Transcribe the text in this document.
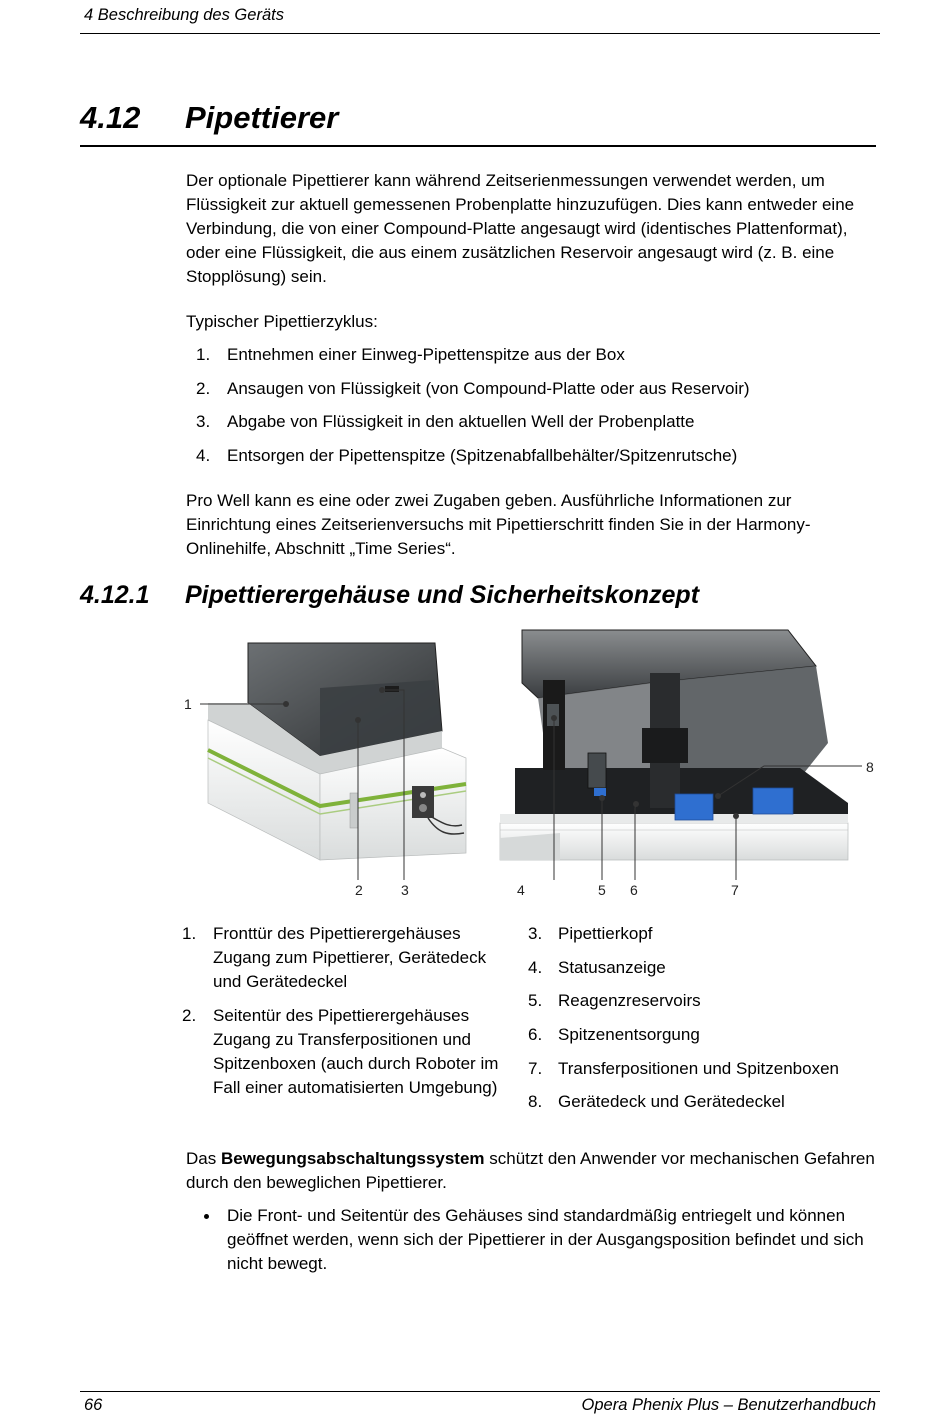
4 Beschreibung des Geräts
4.12 Pipettierer

Der optionale Pipettierer kann während Zeitserienmessungen verwendet werden, um Flüssigkeit zur aktuell gemessenen Probenplatte hinzuzufügen. Dies kann entweder eine Verbindung, die von einer Compound-Platte angesaugt wird (identisches Plattenformat), oder eine Flüssigkeit, die aus einem zusätzlichen Reservoir angesaugt wird (z. B. eine Stopplösung) sein.

Typischer Pipettierzyklus:

1. Entnehmen einer Einweg-Pipettenspitze aus der Box
2. Ansaugen von Flüssigkeit (von Compound-Platte oder aus Reservoir)
3. Abgabe von Flüssigkeit in den aktuellen Well der Probenplatte
4. Entsorgen der Pipettenspitze (Spitzenabfallbehälter/Spitzenrutsche)

Pro Well kann es eine oder zwei Zugaben geben. Ausführliche Informationen zur Einrichtung eines Zeitserienversuchs mit Pipettierschritt finden Sie in der Harmony-Onlinehilfe, Abschnitt „Time Series“.

4.12.1 Pipettierergehäuse und Sicherheitskonzept
1
2	3	4	5 6	7
8
1. Fronttür des Pipettierergehäuses Zugang zum Pipettierer, Gerätedeck und Gerätedeckel
2. Seitentür des Pipettierergehäuses Zugang zu Transferpositionen und Spitzenboxen (auch durch Roboter im Fall einer automatisierten Umgebung)
3. Pipettierkopf
4. Statusanzeige
5. Reagenzreservoirs
6. Spitzenentsorgung
7. Transferpositionen und Spitzenboxen
8. Gerätedeck und Gerätedeckel

Das Bewegungsabschaltungssystem schützt den Anwender vor mechanischen Gefahren durch den beweglichen Pipettierer.

Die Front- und Seitentür des Gehäuses sind standardmäßig entriegelt und können geöffnet werden, wenn sich der Pipettierer in der Ausgangsposition befindet und sich nicht bewegt.
66	Opera Phenix Plus – Benutzerhandbuch
